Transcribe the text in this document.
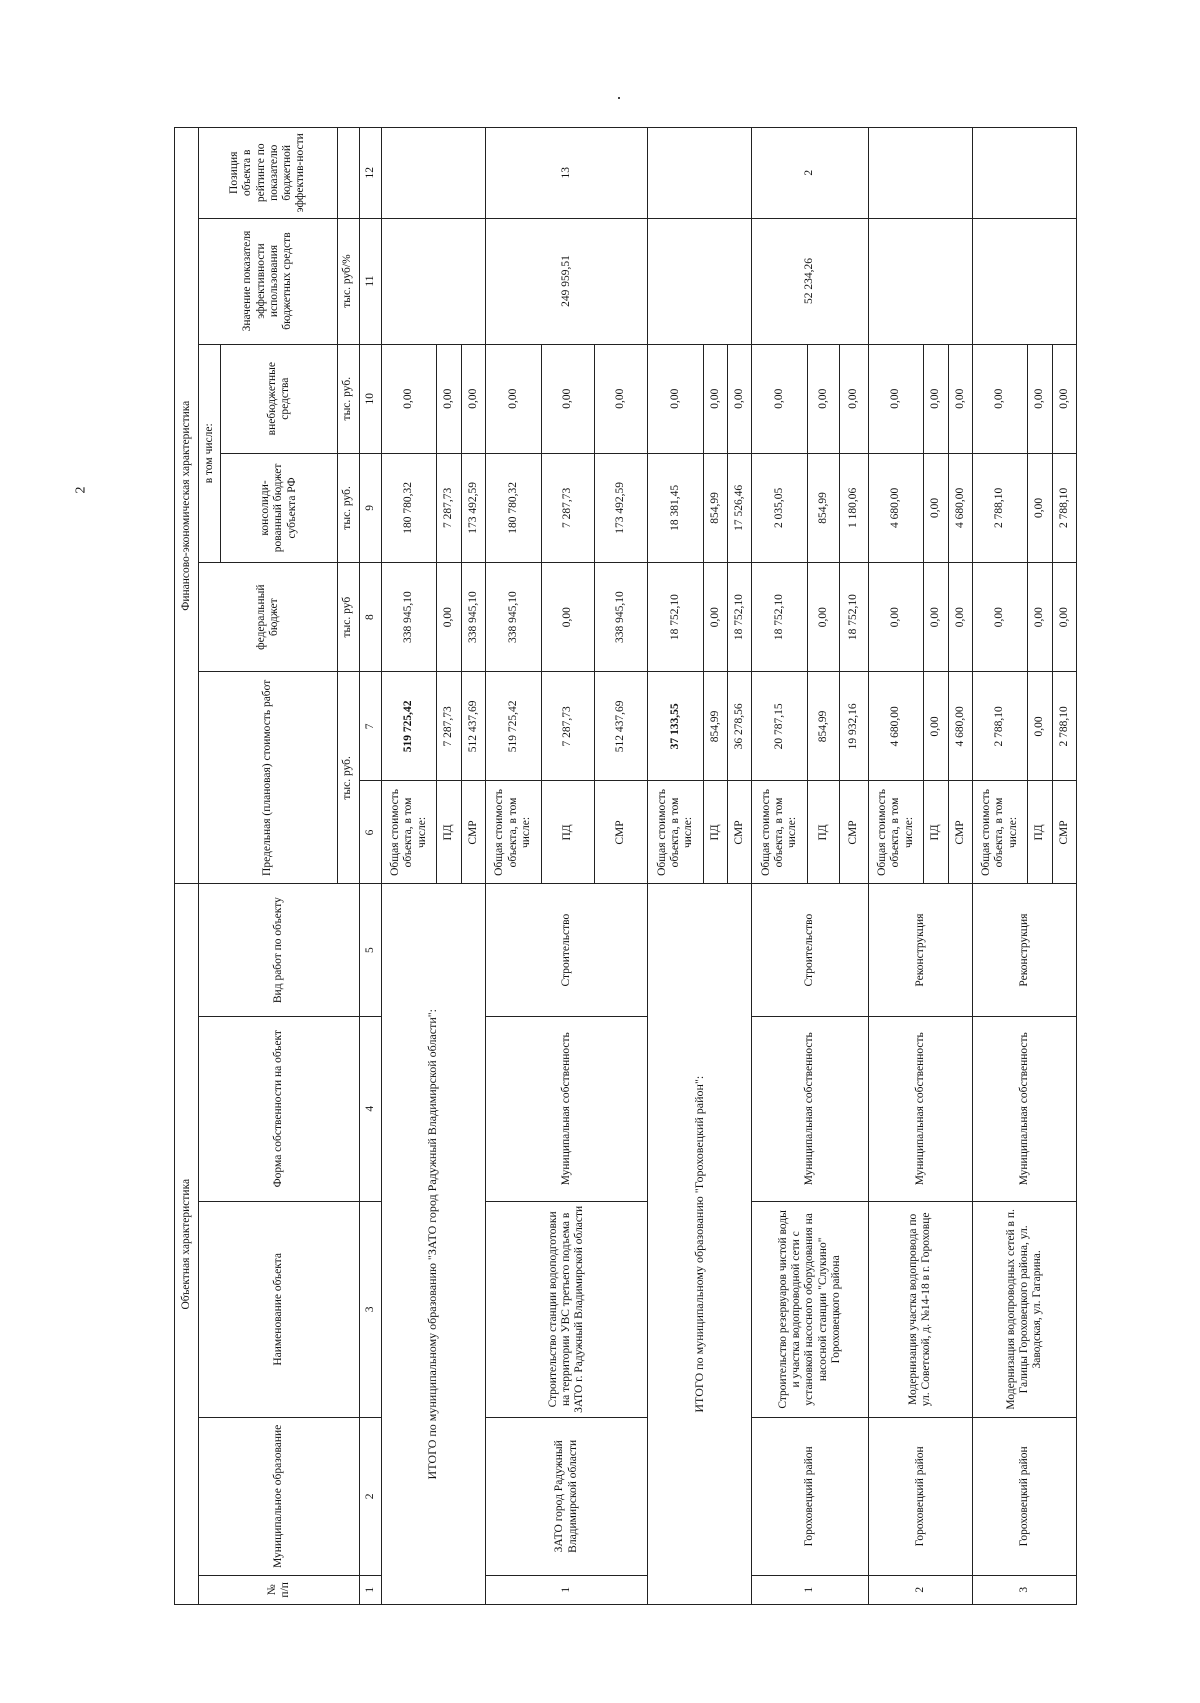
2
Объектная характеристика					Финансово-экономическая характеристика						
№ п/п	Муниципальное образование	Наименование объекта	Форма собственности на объект	Вид работ по объекту	Предельная (плановая) стоимость работ		федеральный бюджет	в том числе:		Значение показателя эффективности использования бюджетных средств	Позиция объекта в рейтинге по показателю бюджетной эффектив-ности
								консолиди-рованный бюджет субъекта РФ	внебюджетные средства		
					тыс. руб.		тыс. руб	тыс. руб.	тыс. руб.	тыс. руб/%	
1	2	3	4	5	6	7	8	9	10	11	12
ИТОГО по муниципальному образованию "ЗАТО город Радужный Владимирской области":					Общая стоимость объекта, в том числе:	519 725,42	338 945,10	180 780,32	0,00		
					ПД	7 287,73	0,00	7 287,73	0,00		
					СМР	512 437,69	338 945,10	173 492,59	0,00		
1	ЗАТО город Радужный Владимирской области	Строительство станции водоподготовки на территории УВС третьего подъема в ЗАТО г. Радужный Владимирской области	Муниципальная собственность	Строительство	Общая стоимость объекта, в том числе:	519 725,42	338 945,10	180 780,32	0,00	249 959,51	13
					ПД	7 287,73	0,00	7 287,73	0,00		
					СМР	512 437,69	338 945,10	173 492,59	0,00		
ИТОГО по муниципальному образованию "Гороховецкий район":					Общая стоимость объекта, в том числе:	37 133,55	18 752,10	18 381,45	0,00		
					ПД	854,99	0,00	854,99	0,00		
					СМР	36 278,56	18 752,10	17 526,46	0,00		
1	Гороховецкий район	Строительство резервуаров чистой воды и участка водопроводной сети с установкой насосного оборудования на насосной станции "Слукино" Гороховецкого района	Муниципальная собственность	Строительство	Общая стоимость объекта, в том числе:	20 787,15	18 752,10	2 035,05	0,00	52 234,26	2
					ПД	854,99	0,00	854,99	0,00		
					СМР	19 932,16	18 752,10	1 180,06	0,00		
2	Гороховецкий район	Модернизация участка водопровода по ул. Советской, д. №14-18 в г. Гороховце	Муниципальная собственность	Реконструкция	Общая стоимость объекта, в том числе:	4 680,00	0,00	4 680,00	0,00		
					ПД	0,00	0,00	0,00	0,00		
					СМР	4 680,00	0,00	4 680,00	0,00		
3	Гороховецкий район	Модернизация водопроводных сетей в п. Галицы Гороховецкого района, ул. Заводская, ул. Гагарина.	Муниципальная собственность	Реконструкция	Общая стоимость объекта, в том числе:	2 788,10	0,00	2 788,10	0,00		
					ПД	0,00	0,00	0,00	0,00		
					СМР	2 788,10	0,00	2 788,10	0,00		
